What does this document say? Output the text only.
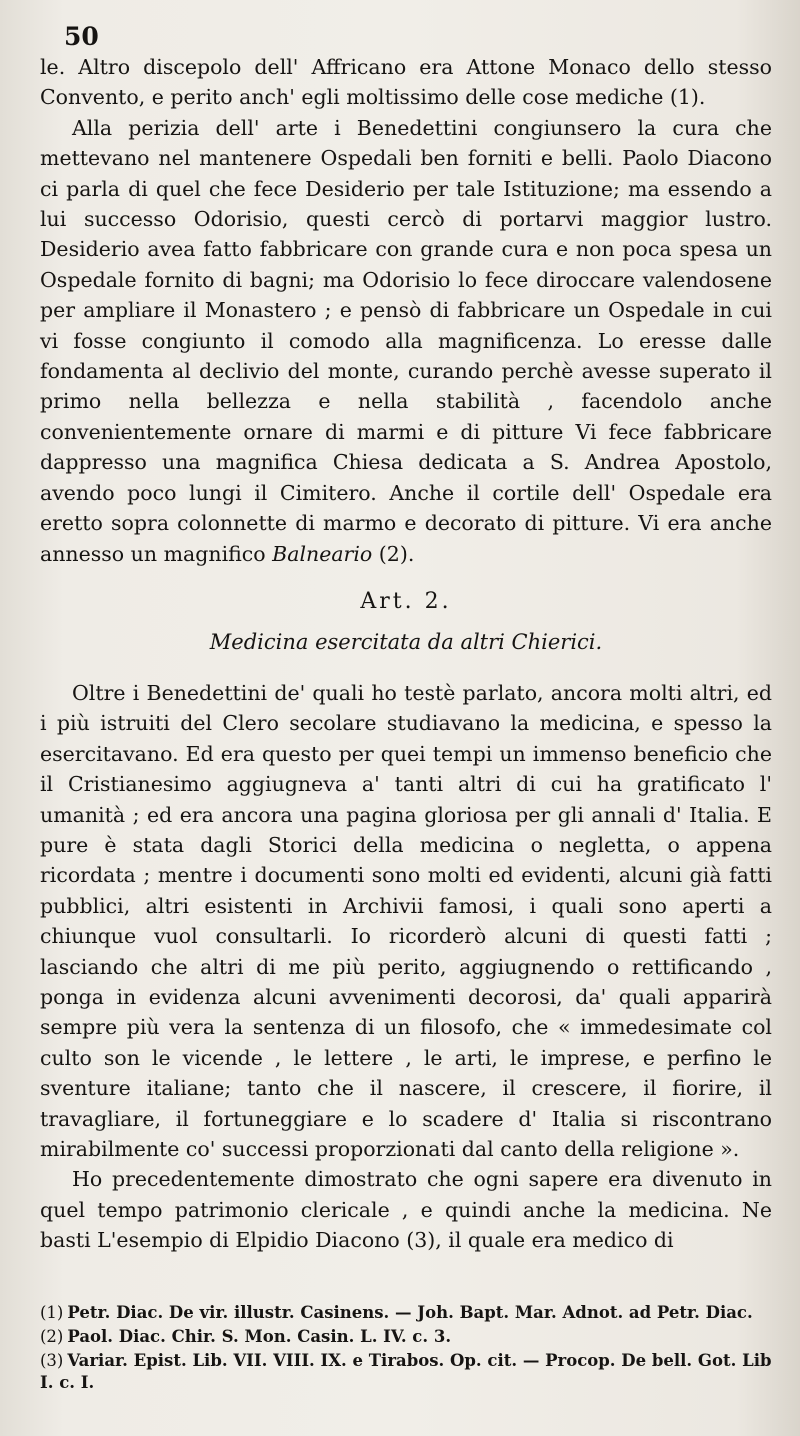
50

le. Altro discepolo dell' Affricano era Attone Monaco dello stesso Convento, e perito anch' egli moltissimo delle cose mediche (1).

Alla perizia dell' arte i Benedettini congiunsero la cura che mettevano nel mantenere Ospedali ben forniti e belli. Paolo Diacono ci parla di quel che fece Desiderio per tale Istituzione; ma essendo a lui successo Odorisio, questi cercò di portarvi maggior lustro. Desiderio avea fatto fabbricare con grande cura e non poca spesa un Ospedale fornito di bagni; ma Odorisio lo fece diroccare valendosene per ampliare il Monastero ; e pensò di fabbricare un Ospedale in cui vi fosse congiunto il comodo alla magnificenza. Lo eresse dalle fondamenta al declivio del monte, curando perchè avesse superato il primo nella bellezza e nella stabilità , facendolo anche convenientemente ornare di marmi e di pitture Vi fece fabbricare dappresso una magnifica Chiesa dedicata a S. Andrea Apostolo, avendo poco lungi il Cimitero. Anche il cortile dell' Ospedale era eretto sopra colonnette di marmo e decorato di pitture. Vi era anche annesso un magnifico Balneario (2).

Art. 2.
Medicina esercitata da altri Chierici.

Oltre i Benedettini de' quali ho testè parlato, ancora molti altri, ed i più istruiti del Clero secolare studiavano la medicina, e spesso la esercitavano. Ed era questo per quei tempi un immenso beneficio che il Cristianesimo aggiugneva a' tanti altri di cui ha gratificato l' umanità ; ed era ancora una pagina gloriosa per gli annali d' Italia. E pure è stata dagli Storici della medicina o negletta, o appena ricordata ; mentre i documenti sono molti ed evidenti, alcuni già fatti pubblici, altri esistenti in Archivii famosi, i quali sono aperti a chiunque vuol consultarli. Io ricorderò alcuni di questi fatti ; lasciando che altri di me più perito, aggiugnendo o rettificando , ponga in evidenza alcuni avvenimenti decorosi, da' quali apparirà sempre più vera la sentenza di un filosofo, che « immedesimate col culto son le vicende , le lettere , le arti, le imprese, e perfino le sventure italiane; tanto che il nascere, il crescere, il fiorire, il travagliare, il fortuneggiare e lo scadere d' Italia si riscontrano mirabilmente co' successi proporzionati dal canto della religione ».

Ho precedentemente dimostrato che ogni sapere era divenuto in quel tempo patrimonio clericale , e quindi anche la medicina. Ne basti L'esempio di Elpidio Diacono (3), il quale era medico di

(1) Petr. Diac. De vir. illustr. Casinens. — Joh. Bapt. Mar. Adnot. ad Petr. Diac.

(2) Paol. Diac. Chir. S. Mon. Casin. L. IV. c. 3.

(3) Variar. Epist. Lib. VII. VIII. IX. e Tirabos. Op. cit. — Procop. De bell. Got. Lib I. c. I.
